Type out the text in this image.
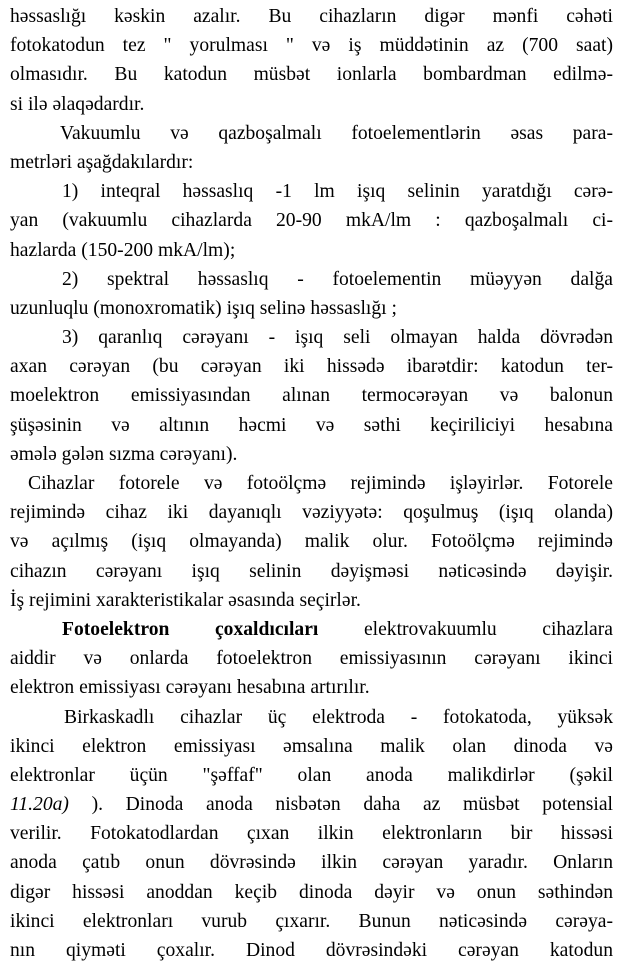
həssaslığı kəskin azalır. Bu cihazların digər mənfi cəhəti
fotokatodun tez " yorulması " və iş müddətinin az (700 saat)
olmasıdır. Bu katodun müsbət ionlarla bombardman edilmə-
si ilə əlaqədardır.
Vakuumlu və qazboşalmalı fotoelementlərin əsas para-
metrləri aşağdakılardır:
1) inteqral həssaslıq -1 lm işıq selinin yaratdığı cərə-
yan (vakuumlu cihazlarda 20-90 mkA/lm : qazboşalmalı ci-
hazlarda (150-200 mkA/lm);
2) spektral həssaslıq - fotoelementin müəyyən dalğa
uzunluqlu (monoxromatik) işıq selinə həssaslığı ;
3) qaranlıq cərəyanı - işıq seli olmayan halda dövrədən
axan cərəyan (bu cərəyan iki hissədə ibarətdir: katodun ter-
moelektron emissiyasından alınan termocərəyan və balonun
şüşəsinin və altının həcmi və səthi keçiriliciyi hesabına
əmələ gələn sızma cərəyanı).
Cihazlar fotorele və fotoölçmə rejimində işləyirlər. Fotorele
rejimində cihaz iki dayanıqlı vəziyyətə: qoşulmuş (işıq olanda)
və açılmış (işıq olmayanda) malik olur. Fotoölçmə rejimində
cihazın cərəyanı işıq selinin dəyişməsi nəticəsində dəyişir.
İş rejimini xarakteristikalar əsasında seçirlər.
Fotoelektron çoxaldıcıları elektrovakuumlu cihazlara
aiddir və onlarda fotoelektron emissiyasının cərəyanı ikinci
elektron emissiyası cərəyanı hesabına artırılır.
Birkaskadlı cihazlar üç elektroda - fotokatoda, yüksək
ikinci elektron emissiyası əmsalına malik olan dinoda və
elektronlar üçün "şəffaf" olan anoda malikdirlər (şəkil
11.20a) ). Dinoda anoda nisbətən daha az müsbət potensial
verilir. Fotokatodlardan çıxan ilkin elektronların bir hissəsi
anoda çatıb onun dövrəsində ilkin cərəyan yaradır. Onların
digər hissəsi anoddan keçib dinoda dəyir və onun səthindən
ikinci elektronları vurub çıxarır. Bunun nəticəsində cərəya-
nın qiyməti çoxalır. Dinod dövrəsindəki cərəyan katodun
